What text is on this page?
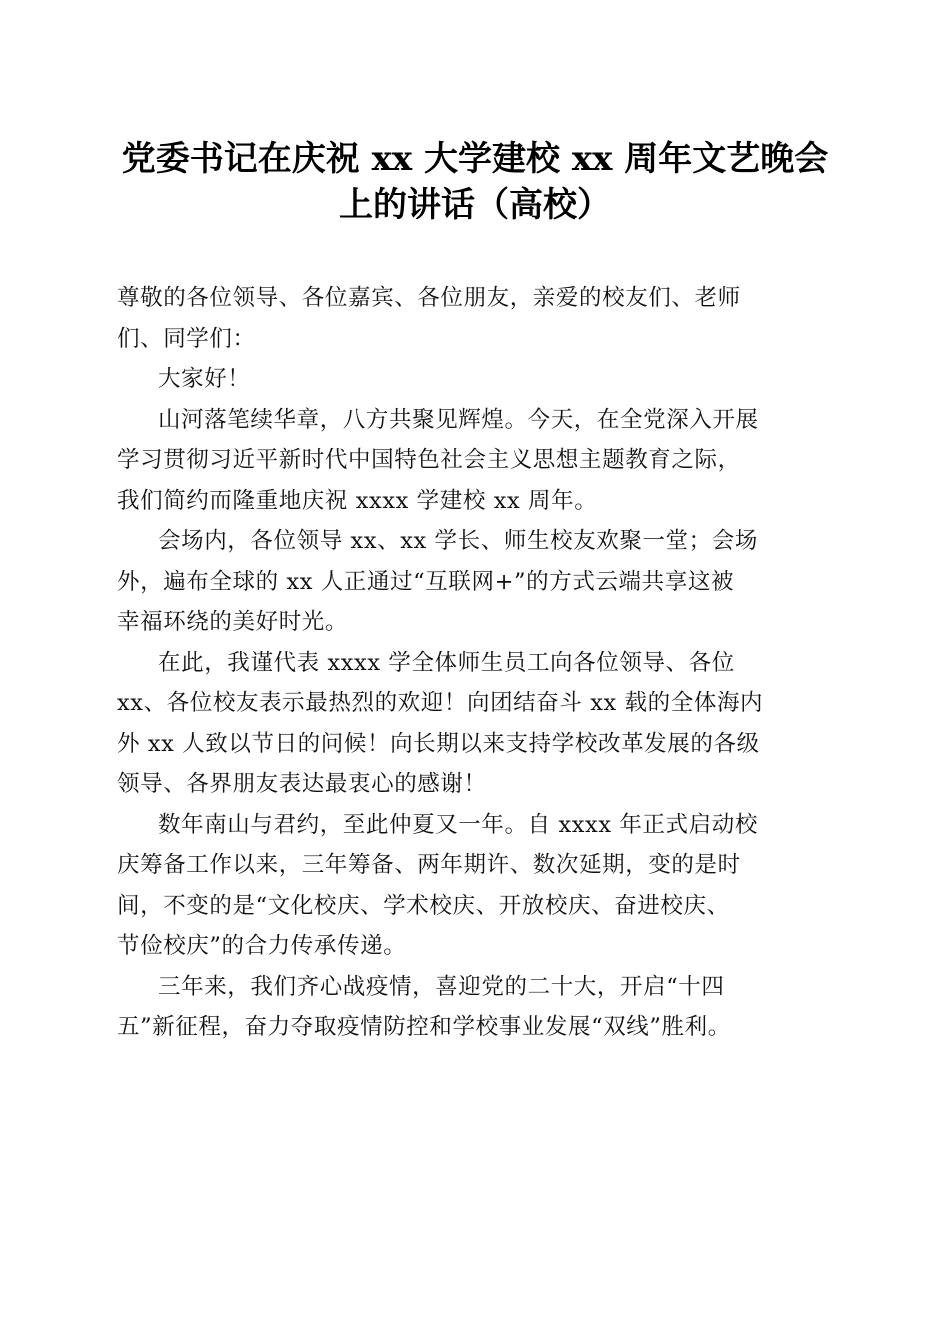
党委书记在庆祝 xx 大学建校 xx 周年文艺晚会
上的讲话（高校）

尊敬的各位领导、各位嘉宾、各位朋友，亲爱的校友们、老师
们、同学们：

大家好！

山河落笔续华章，八方共聚见辉煌。今天，在全党深入开展
学习贯彻习近平新时代中国特色社会主义思想主题教育之际，
我们简约而隆重地庆祝 xxxx 学建校 xx 周年。

会场内，各位领导 xx、xx 学长、师生校友欢聚一堂；会场
外，遍布全球的 xx 人正通过“互联网+”的方式云端共享这被
幸福环绕的美好时光。

在此，我谨代表 xxxx 学全体师生员工向各位领导、各位
xx、各位校友表示最热烈的欢迎！向团结奋斗 xx 载的全体海内
外 xx 人致以节日的问候！向长期以来支持学校改革发展的各级
领导、各界朋友表达最衷心的感谢！

数年南山与君约，至此仲夏又一年。自 xxxx 年正式启动校
庆筹备工作以来，三年筹备、两年期许、数次延期，变的是时
间，不变的是“文化校庆、学术校庆、开放校庆、奋进校庆、
节俭校庆”的合力传承传递。

三年来，我们齐心战疫情，喜迎党的二十大，开启“十四
五”新征程，奋力夺取疫情防控和学校事业发展“双线”胜利。
